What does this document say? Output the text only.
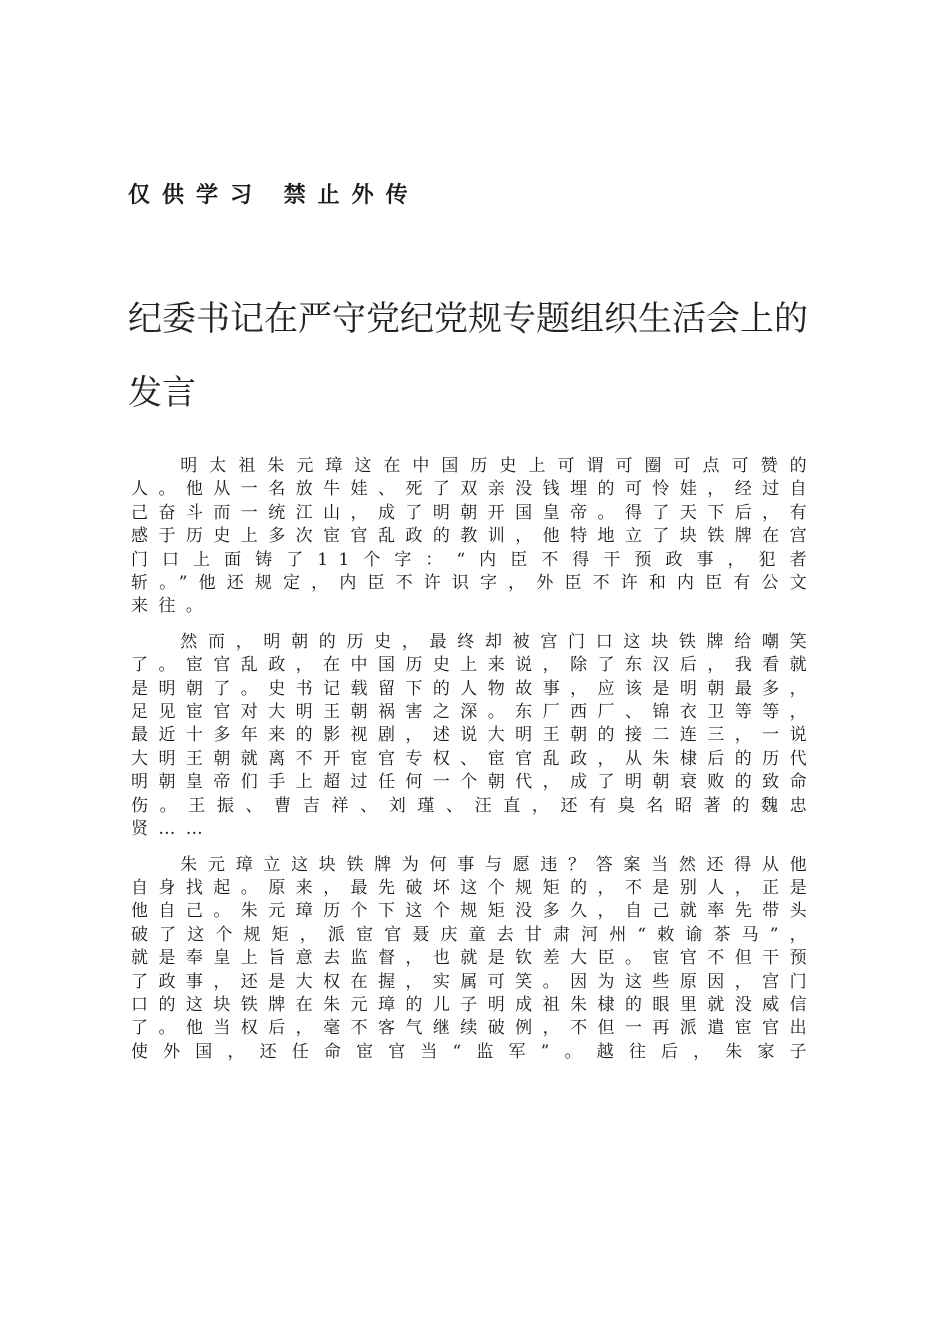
仅供学习 禁止外传

纪委书记在严守党纪党规专题组织生活会上的发言

明太祖朱元璋这在中国历史上可谓可圈可点可赞的人。他从一名放牛娃、死了双亲没钱埋的可怜娃，经过自己奋斗而一统江山，成了明朝开国皇帝。得了天下后，有感于历史上多次宦官乱政的教训，他特地立了块铁牌在宫门口上面铸了11个字：“内臣不得干预政事，犯者斩。”他还规定，内臣不许识字，外臣不许和内臣有公文来往。

然而，明朝的历史，最终却被宫门口这块铁牌给嘲笑了。宦官乱政，在中国历史上来说，除了东汉后，我看就是明朝了。史书记载留下的人物故事，应该是明朝最多，足见宦官对大明王朝祸害之深。东厂西厂、锦衣卫等等，最近十多年来的影视剧，述说大明王朝的接二连三，一说大明王朝就离不开宦官专权、宦官乱政，从朱棣后的历代明朝皇帝们手上超过任何一个朝代，成了明朝衰败的致命伤。王振、曹吉祥、刘瑾、汪直，还有臭名昭著的魏忠贤……

朱元璋立这块铁牌为何事与愿违？答案当然还得从他自身找起。原来，最先破坏这个规矩的，不是别人，正是他自己。朱元璋历个下这个规矩没多久，自己就率先带头破了这个规矩，派宦官聂庆童去甘肃河州“敕谕茶马”，就是奉皇上旨意去监督，也就是钦差大臣。宦官不但干预了政事，还是大权在握，实属可笑。因为这些原因，宫门口的这块铁牌在朱元璋的儿子明成祖朱棣的眼里就没威信了。他当权后，毫不客气继续破例，不但一再派遣宦官出使外国，还任命宦官当“监军”。越往后，朱家子
